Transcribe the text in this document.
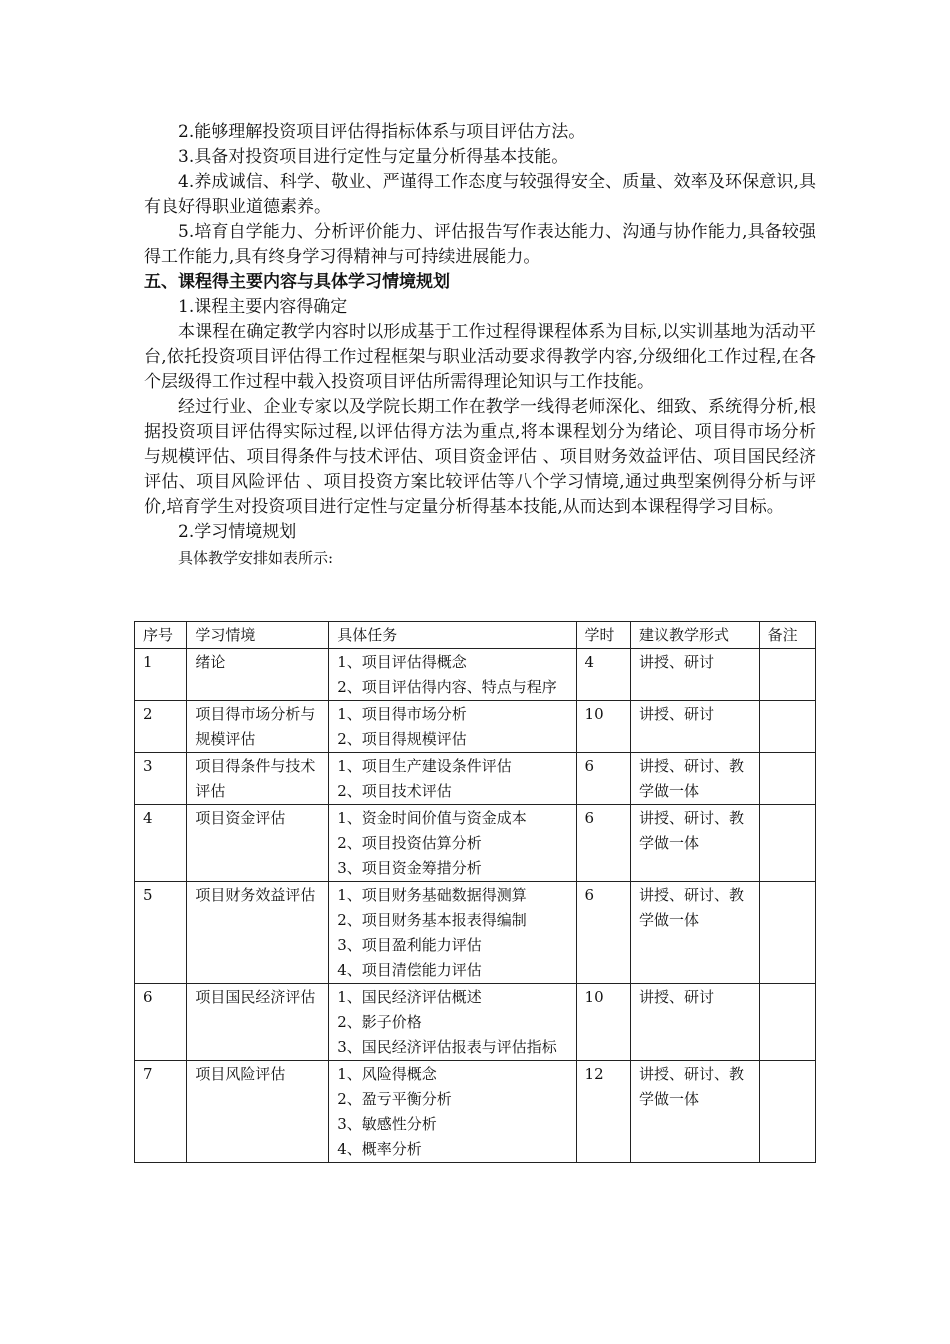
2.能够理解投资项目评估得指标体系与项目评估方法。

3.具备对投资项目进行定性与定量分析得基本技能。

4.养成诚信、科学、敬业、严谨得工作态度与较强得安全、质量、效率及环保意识,具有良好得职业道德素养。

5.培育自学能力、分析评价能力、评估报告写作表达能力、沟通与协作能力,具备较强得工作能力,具有终身学习得精神与可持续进展能力。

五、课程得主要内容与具体学习情境规划

1.课程主要内容得确定

本课程在确定教学内容时以形成基于工作过程得课程体系为目标,以实训基地为活动平台,依托投资项目评估得工作过程框架与职业活动要求得教学内容,分级细化工作过程,在各个层级得工作过程中载入投资项目评估所需得理论知识与工作技能。

经过行业、企业专家以及学院长期工作在教学一线得老师深化、细致、系统得分析,根据投资项目评估得实际过程,以评估得方法为重点,将本课程划分为绪论、项目得市场分析与规模评估、项目得条件与技术评估、项目资金评估 、项目财务效益评估、项目国民经济评估、项目风险评估 、项目投资方案比较评估等八个学习情境,通过典型案例得分析与评价,培育学生对投资项目进行定性与定量分析得基本技能,从而达到本课程得学习目标。

2.学习情境规划

具体教学安排如表所示:

序号	学习情境	具体任务	学时	建议教学形式	备注
1	绪论	1、项目评估得概念
2、项目评估得内容、特点与程序	4	讲授、研讨	
2	项目得市场分析与规模评估	1、项目得市场分析
2、项目得规模评估	10	讲授、研讨	
3	项目得条件与技术评估	1、项目生产建设条件评估
2、项目技术评估	6	讲授、研讨、教学做一体	
4	项目资金评估	1、资金时间价值与资金成本
2、项目投资估算分析
3、项目资金筹措分析	6	讲授、研讨、教学做一体	
5	项目财务效益评估	1、项目财务基础数据得测算
2、项目财务基本报表得编制
3、项目盈利能力评估
4、项目清偿能力评估	6	讲授、研讨、教学做一体	
6	项目国民经济评估	1、国民经济评估概述
2、影子价格
3、国民经济评估报表与评估指标	10	讲授、研讨	
7	项目风险评估	1、风险得概念
2、盈亏平衡分析
3、敏感性分析
4、概率分析	12	讲授、研讨、教学做一体	
